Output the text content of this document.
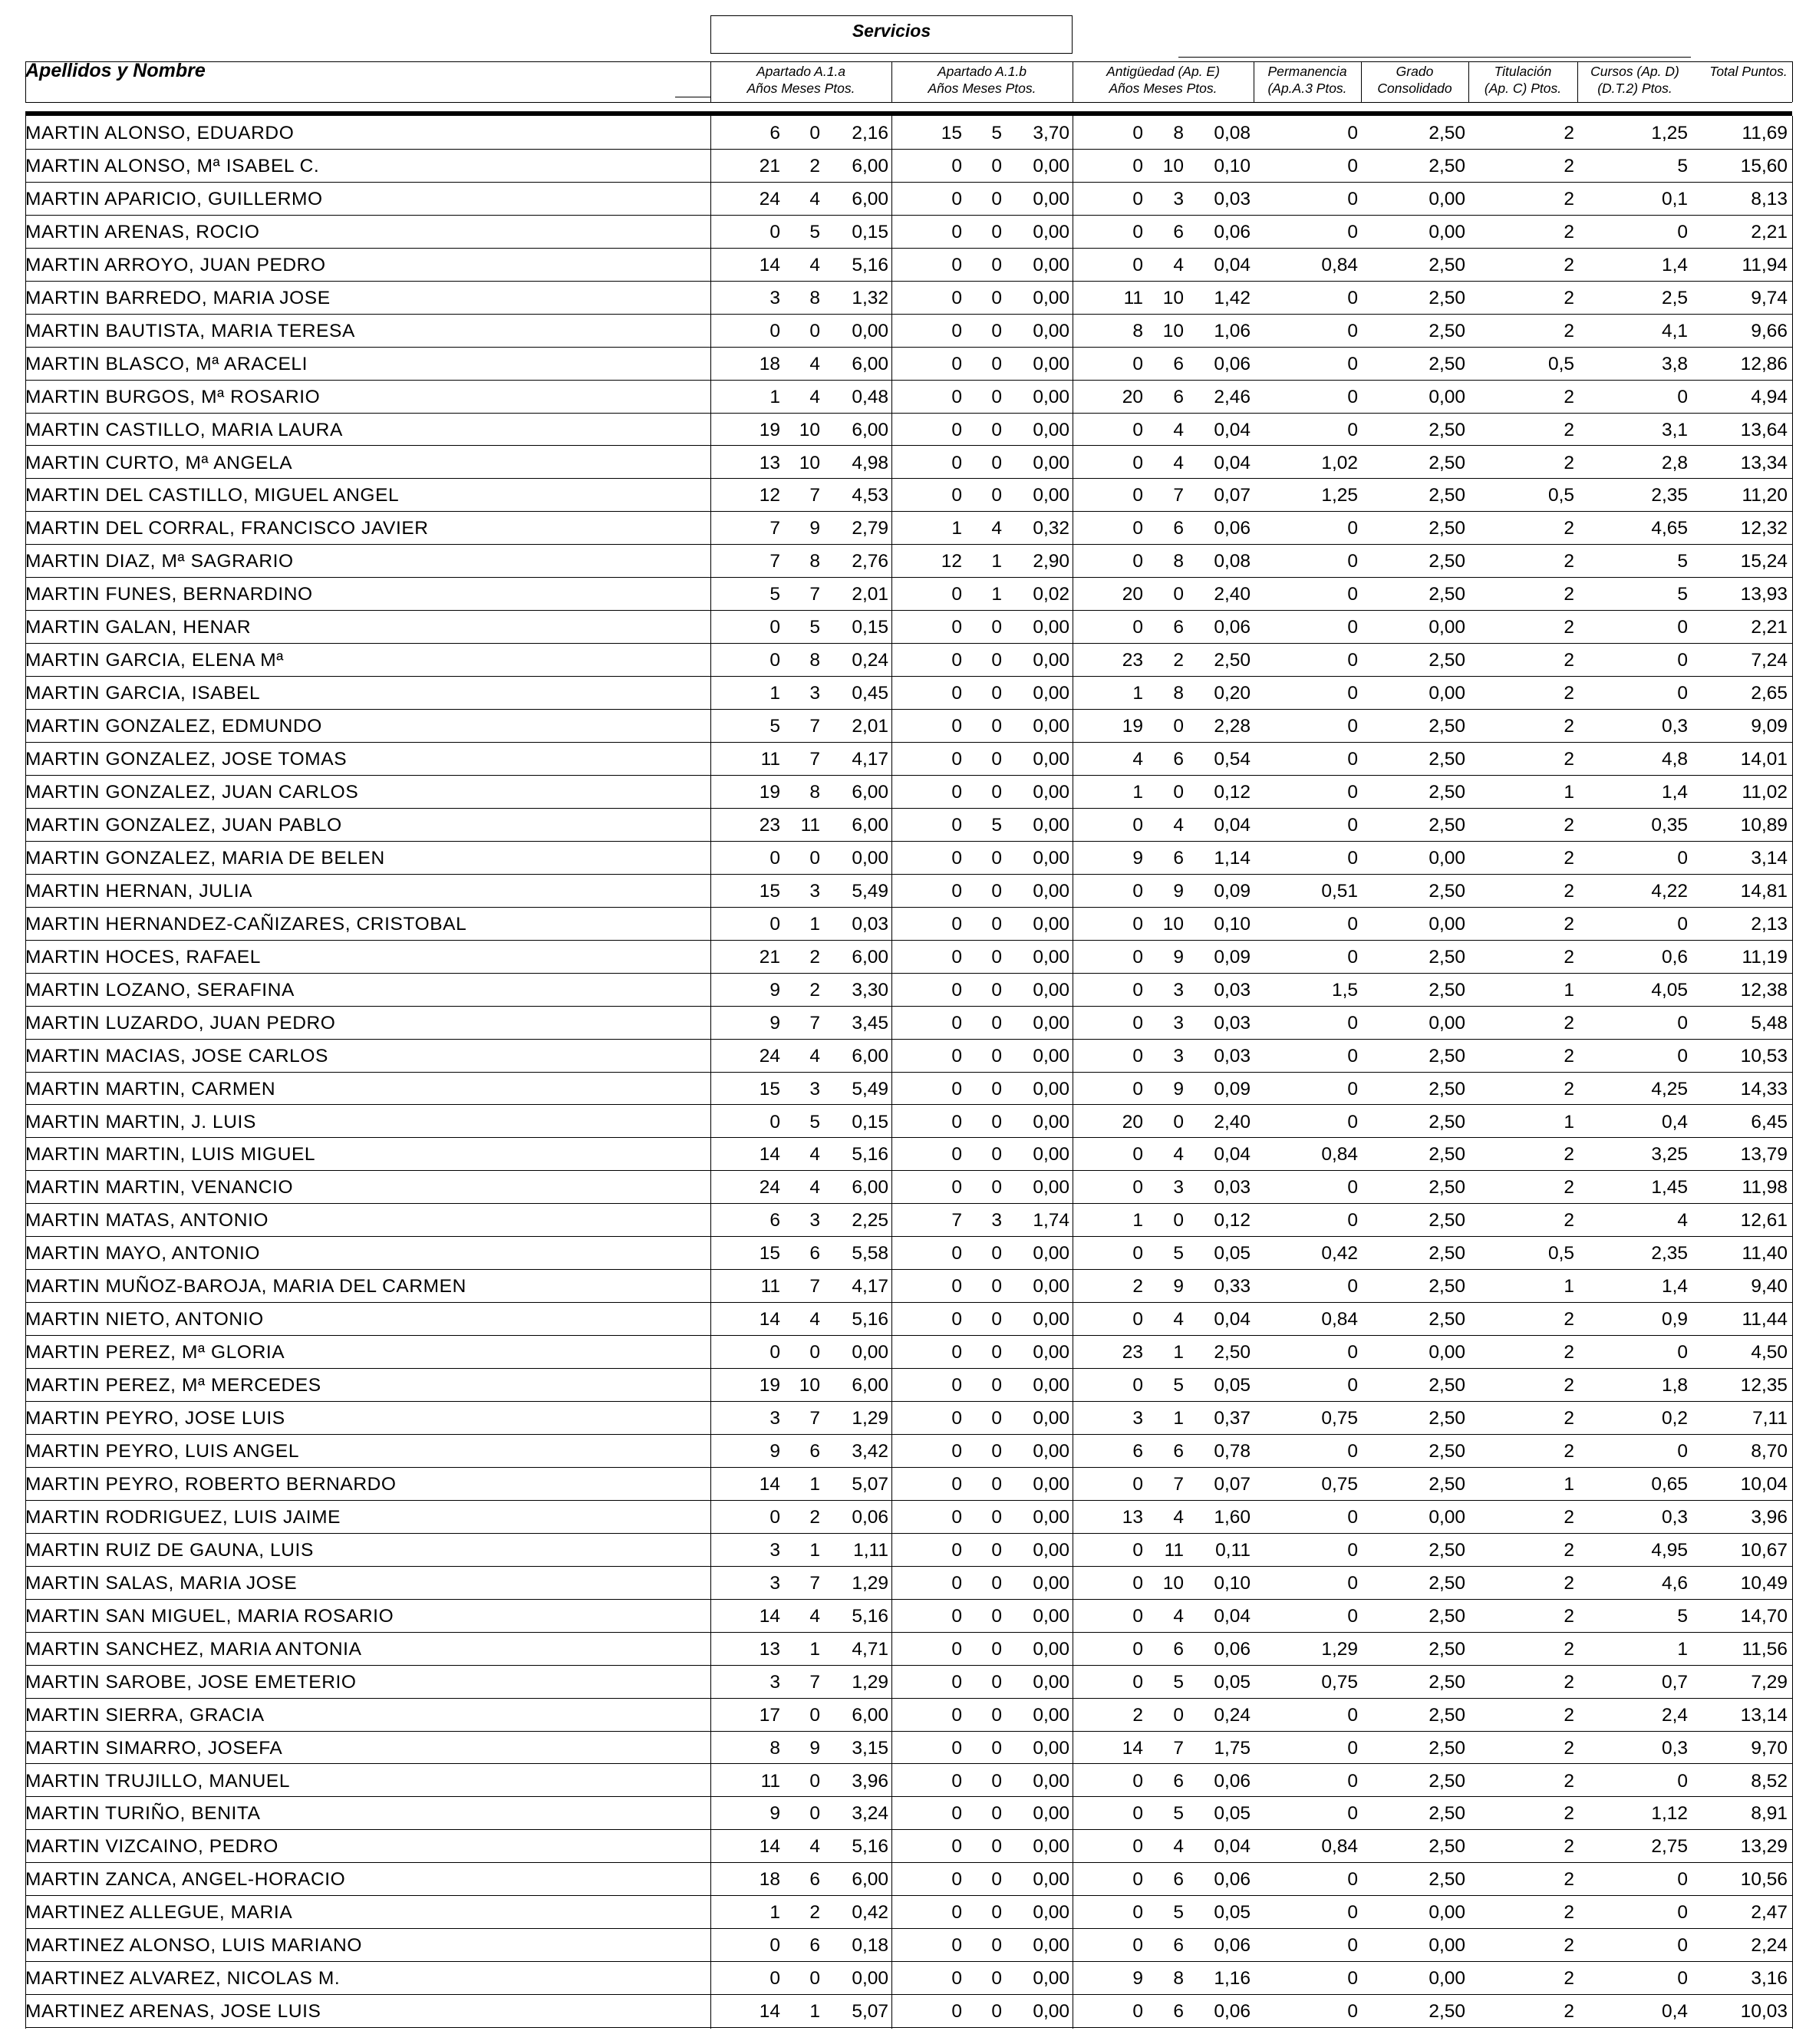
Servicios
Apellidos y Nombre	Apartado A.1.a
Años Meses Ptos.
Apartado A.1.b
Años Meses Ptos.
Antigüedad (Ap. E)
Años Meses Ptos.
Permanencia
(Ap.A.3 Ptos.
Grado
Consolidado
Titulación
(Ap. C) Ptos.
Cursos (Ap. D)
(D.T.2) Ptos.
Total Puntos.
MARTIN ALONSO, EDUARDO	6	0	2,16	15	5	3,70	0	8	0,08	0	2,50	2	1,25	11,69
MARTIN ALONSO, Mª ISABEL C.	21	2	6,00	0	0	0,00	0	10	0,10	0	2,50	2	5	15,60
MARTIN APARICIO, GUILLERMO	24	4	6,00	0	0	0,00	0	3	0,03	0	0,00	2	0,1	8,13
MARTIN ARENAS, ROCIO	0	5	0,15	0	0	0,00	0	6	0,06	0	0,00	2	0	2,21
MARTIN ARROYO, JUAN PEDRO	14	4	5,16	0	0	0,00	0	4	0,04	0,84	2,50	2	1,4	11,94
MARTIN BARREDO, MARIA JOSE	3	8	1,32	0	0	0,00	11	10	1,42	0	2,50	2	2,5	9,74
MARTIN BAUTISTA, MARIA TERESA	0	0	0,00	0	0	0,00	8	10	1,06	0	2,50	2	4,1	9,66
MARTIN BLASCO, Mª ARACELI	18	4	6,00	0	0	0,00	0	6	0,06	0	2,50	0,5	3,8	12,86
MARTIN BURGOS, Mª ROSARIO	1	4	0,48	0	0	0,00	20	6	2,46	0	0,00	2	0	4,94
MARTIN CASTILLO, MARIA LAURA	19	10	6,00	0	0	0,00	0	4	0,04	0	2,50	2	3,1	13,64
MARTIN CURTO, Mª ANGELA	13	10	4,98	0	0	0,00	0	4	0,04	1,02	2,50	2	2,8	13,34
MARTIN DEL CASTILLO, MIGUEL ANGEL	12	7	4,53	0	0	0,00	0	7	0,07	1,25	2,50	0,5	2,35	11,20
MARTIN DEL CORRAL, FRANCISCO JAVIER	7	9	2,79	1	4	0,32	0	6	0,06	0	2,50	2	4,65	12,32
MARTIN DIAZ, Mª SAGRARIO	7	8	2,76	12	1	2,90	0	8	0,08	0	2,50	2	5	15,24
MARTIN FUNES, BERNARDINO	5	7	2,01	0	1	0,02	20	0	2,40	0	2,50	2	5	13,93
MARTIN GALAN, HENAR	0	5	0,15	0	0	0,00	0	6	0,06	0	0,00	2	0	2,21
MARTIN GARCIA, ELENA Mª	0	8	0,24	0	0	0,00	23	2	2,50	0	2,50	2	0	7,24
MARTIN GARCIA, ISABEL	1	3	0,45	0	0	0,00	1	8	0,20	0	0,00	2	0	2,65
MARTIN GONZALEZ, EDMUNDO	5	7	2,01	0	0	0,00	19	0	2,28	0	2,50	2	0,3	9,09
MARTIN GONZALEZ, JOSE TOMAS	11	7	4,17	0	0	0,00	4	6	0,54	0	2,50	2	4,8	14,01
MARTIN GONZALEZ, JUAN CARLOS	19	8	6,00	0	0	0,00	1	0	0,12	0	2,50	1	1,4	11,02
MARTIN GONZALEZ, JUAN PABLO	23	11	6,00	0	5	0,00	0	4	0,04	0	2,50	2	0,35	10,89
MARTIN GONZALEZ, MARIA DE BELEN	0	0	0,00	0	0	0,00	9	6	1,14	0	0,00	2	0	3,14
MARTIN HERNAN, JULIA	15	3	5,49	0	0	0,00	0	9	0,09	0,51	2,50	2	4,22	14,81
MARTIN HERNANDEZ-CAÑIZARES, CRISTOBAL	0	1	0,03	0	0	0,00	0	10	0,10	0	0,00	2	0	2,13
MARTIN HOCES, RAFAEL	21	2	6,00	0	0	0,00	0	9	0,09	0	2,50	2	0,6	11,19
MARTIN LOZANO, SERAFINA	9	2	3,30	0	0	0,00	0	3	0,03	1,5	2,50	1	4,05	12,38
MARTIN LUZARDO, JUAN PEDRO	9	7	3,45	0	0	0,00	0	3	0,03	0	0,00	2	0	5,48
MARTIN MACIAS, JOSE CARLOS	24	4	6,00	0	0	0,00	0	3	0,03	0	2,50	2	0	10,53
MARTIN MARTIN, CARMEN	15	3	5,49	0	0	0,00	0	9	0,09	0	2,50	2	4,25	14,33
MARTIN MARTIN, J. LUIS	0	5	0,15	0	0	0,00	20	0	2,40	0	2,50	1	0,4	6,45
MARTIN MARTIN, LUIS MIGUEL	14	4	5,16	0	0	0,00	0	4	0,04	0,84	2,50	2	3,25	13,79
MARTIN MARTIN, VENANCIO	24	4	6,00	0	0	0,00	0	3	0,03	0	2,50	2	1,45	11,98
MARTIN MATAS, ANTONIO	6	3	2,25	7	3	1,74	1	0	0,12	0	2,50	2	4	12,61
MARTIN MAYO, ANTONIO	15	6	5,58	0	0	0,00	0	5	0,05	0,42	2,50	0,5	2,35	11,40
MARTIN MUÑOZ-BAROJA, MARIA DEL CARMEN	11	7	4,17	0	0	0,00	2	9	0,33	0	2,50	1	1,4	9,40
MARTIN NIETO, ANTONIO	14	4	5,16	0	0	0,00	0	4	0,04	0,84	2,50	2	0,9	11,44
MARTIN PEREZ, Mª GLORIA	0	0	0,00	0	0	0,00	23	1	2,50	0	0,00	2	0	4,50
MARTIN PEREZ, Mª MERCEDES	19	10	6,00	0	0	0,00	0	5	0,05	0	2,50	2	1,8	12,35
MARTIN PEYRO, JOSE LUIS	3	7	1,29	0	0	0,00	3	1	0,37	0,75	2,50	2	0,2	7,11
MARTIN PEYRO, LUIS ANGEL	9	6	3,42	0	0	0,00	6	6	0,78	0	2,50	2	0	8,70
MARTIN PEYRO, ROBERTO BERNARDO	14	1	5,07	0	0	0,00	0	7	0,07	0,75	2,50	1	0,65	10,04
MARTIN RODRIGUEZ, LUIS JAIME	0	2	0,06	0	0	0,00	13	4	1,60	0	0,00	2	0,3	3,96
MARTIN RUIZ DE GAUNA, LUIS	3	1	1,11	0	0	0,00	0	11	0,11	0	2,50	2	4,95	10,67
MARTIN SALAS, MARIA JOSE	3	7	1,29	0	0	0,00	0	10	0,10	0	2,50	2	4,6	10,49
MARTIN SAN MIGUEL, MARIA ROSARIO	14	4	5,16	0	0	0,00	0	4	0,04	0	2,50	2	5	14,70
MARTIN SANCHEZ, MARIA ANTONIA	13	1	4,71	0	0	0,00	0	6	0,06	1,29	2,50	2	1	11,56
MARTIN SAROBE, JOSE EMETERIO	3	7	1,29	0	0	0,00	0	5	0,05	0,75	2,50	2	0,7	7,29
MARTIN SIERRA, GRACIA	17	0	6,00	0	0	0,00	2	0	0,24	0	2,50	2	2,4	13,14
MARTIN SIMARRO, JOSEFA	8	9	3,15	0	0	0,00	14	7	1,75	0	2,50	2	0,3	9,70
MARTIN TRUJILLO, MANUEL	11	0	3,96	0	0	0,00	0	6	0,06	0	2,50	2	0	8,52
MARTIN TURIÑO, BENITA	9	0	3,24	0	0	0,00	0	5	0,05	0	2,50	2	1,12	8,91
MARTIN VIZCAINO, PEDRO	14	4	5,16	0	0	0,00	0	4	0,04	0,84	2,50	2	2,75	13,29
MARTIN ZANCA, ANGEL-HORACIO	18	6	6,00	0	0	0,00	0	6	0,06	0	2,50	2	0	10,56
MARTINEZ ALLEGUE, MARIA	1	2	0,42	0	0	0,00	0	5	0,05	0	0,00	2	0	2,47
MARTINEZ ALONSO, LUIS MARIANO	0	6	0,18	0	0	0,00	0	6	0,06	0	0,00	2	0	2,24
MARTINEZ ALVAREZ, NICOLAS M.	0	0	0,00	0	0	0,00	9	8	1,16	0	0,00	2	0	3,16
MARTINEZ ARENAS, JOSE LUIS	14	1	5,07	0	0	0,00	0	6	0,06	0	2,50	2	0,4	10,03
